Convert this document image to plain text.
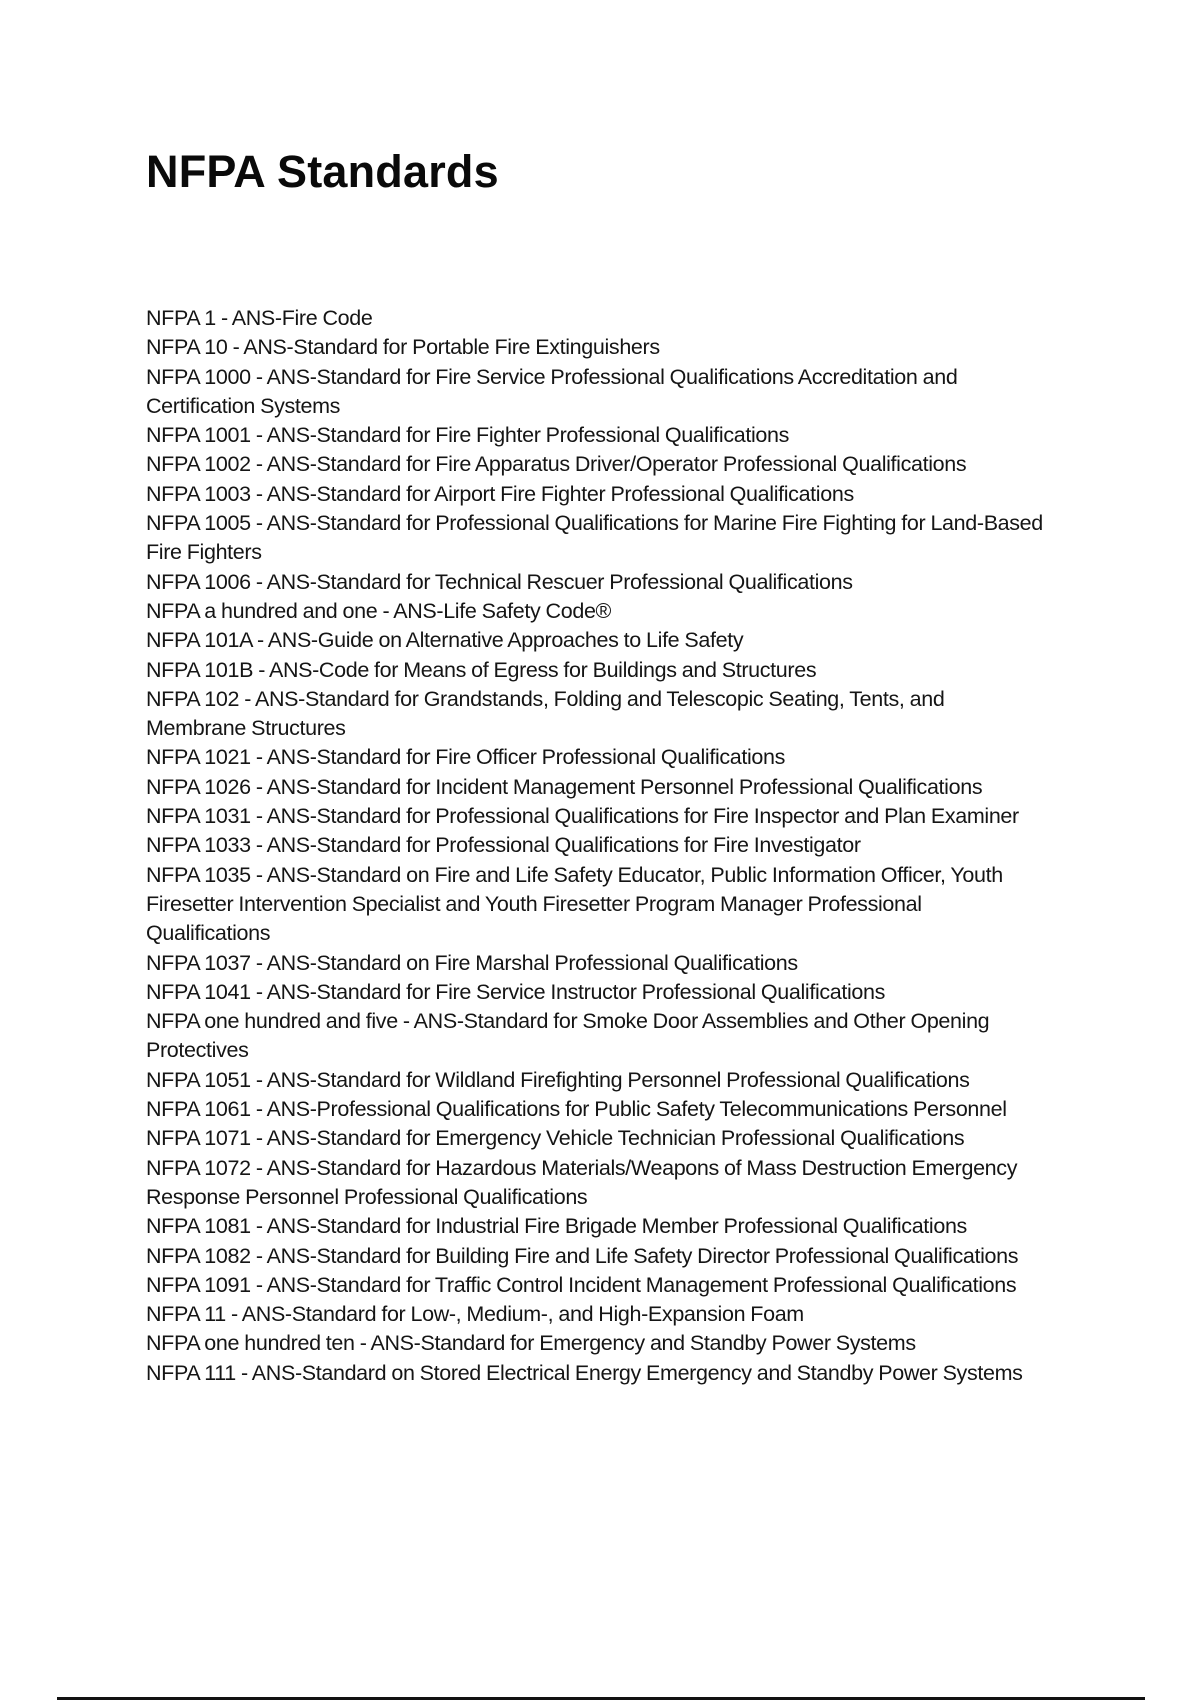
NFPA Standards
NFPA 1 - ANS-Fire Code
NFPA 10 - ANS-Standard for Portable Fire Extinguishers
NFPA 1000 - ANS-Standard for Fire Service Professional Qualifications Accreditation and Certification Systems
NFPA 1001 - ANS-Standard for Fire Fighter Professional Qualifications
NFPA 1002 - ANS-Standard for Fire Apparatus Driver/Operator Professional Qualifications
NFPA 1003 - ANS-Standard for Airport Fire Fighter Professional Qualifications
NFPA 1005 - ANS-Standard for Professional Qualifications for Marine Fire Fighting for Land-Based Fire Fighters
NFPA 1006 - ANS-Standard for Technical Rescuer Professional Qualifications
NFPA a hundred and one - ANS-Life Safety Code®
NFPA 101A - ANS-Guide on Alternative Approaches to Life Safety
NFPA 101B - ANS-Code for Means of Egress for Buildings and Structures
NFPA 102 - ANS-Standard for Grandstands, Folding and Telescopic Seating, Tents, and Membrane Structures
NFPA 1021 - ANS-Standard for Fire Officer Professional Qualifications
NFPA 1026 - ANS-Standard for Incident Management Personnel Professional Qualifications
NFPA 1031 - ANS-Standard for Professional Qualifications for Fire Inspector and Plan Examiner
NFPA 1033 - ANS-Standard for Professional Qualifications for Fire Investigator
NFPA 1035 - ANS-Standard on Fire and Life Safety Educator, Public Information Officer, Youth Firesetter Intervention Specialist and Youth Firesetter Program Manager Professional Qualifications
NFPA 1037 - ANS-Standard on Fire Marshal Professional Qualifications
NFPA 1041 - ANS-Standard for Fire Service Instructor Professional Qualifications
NFPA one hundred and five - ANS-Standard for Smoke Door Assemblies and Other Opening Protectives
NFPA 1051 - ANS-Standard for Wildland Firefighting Personnel Professional Qualifications
NFPA 1061 - ANS-Professional Qualifications for Public Safety Telecommunications Personnel
NFPA 1071 - ANS-Standard for Emergency Vehicle Technician Professional Qualifications
NFPA 1072 - ANS-Standard for Hazardous Materials/Weapons of Mass Destruction Emergency Response Personnel Professional Qualifications
NFPA 1081 - ANS-Standard for Industrial Fire Brigade Member Professional Qualifications
NFPA 1082 - ANS-Standard for Building Fire and Life Safety Director Professional Qualifications
NFPA 1091 - ANS-Standard for Traffic Control Incident Management Professional Qualifications
NFPA 11 - ANS-Standard for Low-, Medium-, and High-Expansion Foam
NFPA one hundred ten - ANS-Standard for Emergency and Standby Power Systems
NFPA 111 - ANS-Standard on Stored Electrical Energy Emergency and Standby Power Systems
